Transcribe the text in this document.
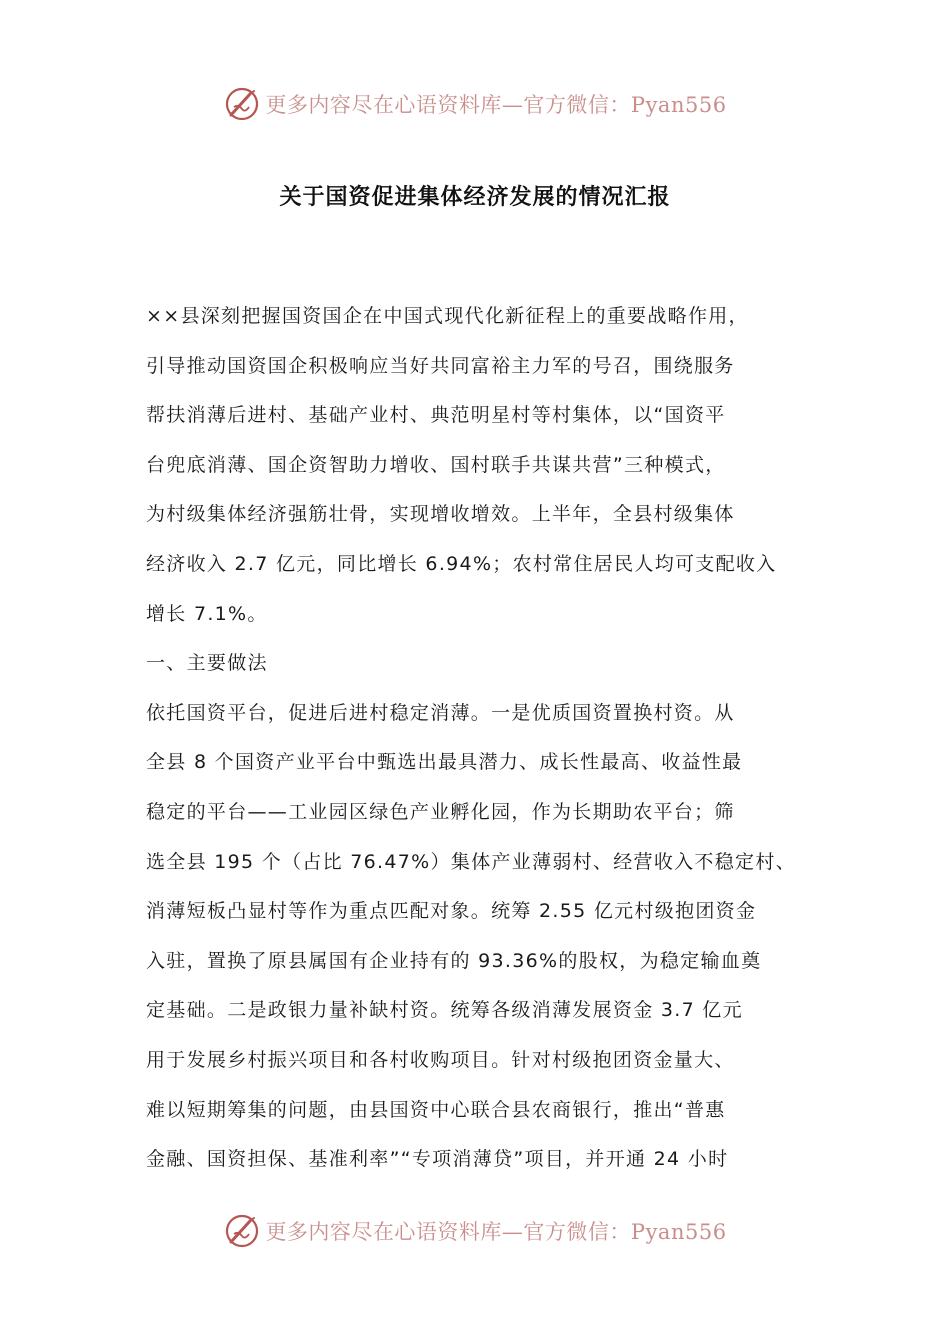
更多内容尽在心语资料库—官方微信：Pyan556
关于国资促进集体经济发展的情况汇报
××县深刻把握国资国企在中国式现代化新征程上的重要战略作用，
引导推动国资国企积极响应当好共同富裕主力军的号召，围绕服务
帮扶消薄后进村、基础产业村、典范明星村等村集体，以“国资平
台兜底消薄、国企资智助力增收、国村联手共谋共营”三种模式，
为村级集体经济强筋壮骨，实现增收增效。上半年，全县村级集体
经济收入 2.7 亿元，同比增长 6.94%；农村常住居民人均可支配收入
增长 7.1%。
一、主要做法
依托国资平台，促进后进村稳定消薄。一是优质国资置换村资。从
全县 8 个国资产业平台中甄选出最具潜力、成长性最高、收益性最
稳定的平台——工业园区绿色产业孵化园，作为长期助农平台；筛
选全县 195 个（占比 76.47%）集体产业薄弱村、经营收入不稳定村、
消薄短板凸显村等作为重点匹配对象。统筹 2.55 亿元村级抱团资金
入驻，置换了原县属国有企业持有的 93.36%的股权，为稳定输血奠
定基础。二是政银力量补缺村资。统筹各级消薄发展资金 3.7 亿元
用于发展乡村振兴项目和各村收购项目。针对村级抱团资金量大、
难以短期筹集的问题，由县国资中心联合县农商银行，推出“普惠
金融、国资担保、基准利率”“专项消薄贷”项目，并开通 24 小时
更多内容尽在心语资料库—官方微信：Pyan556
